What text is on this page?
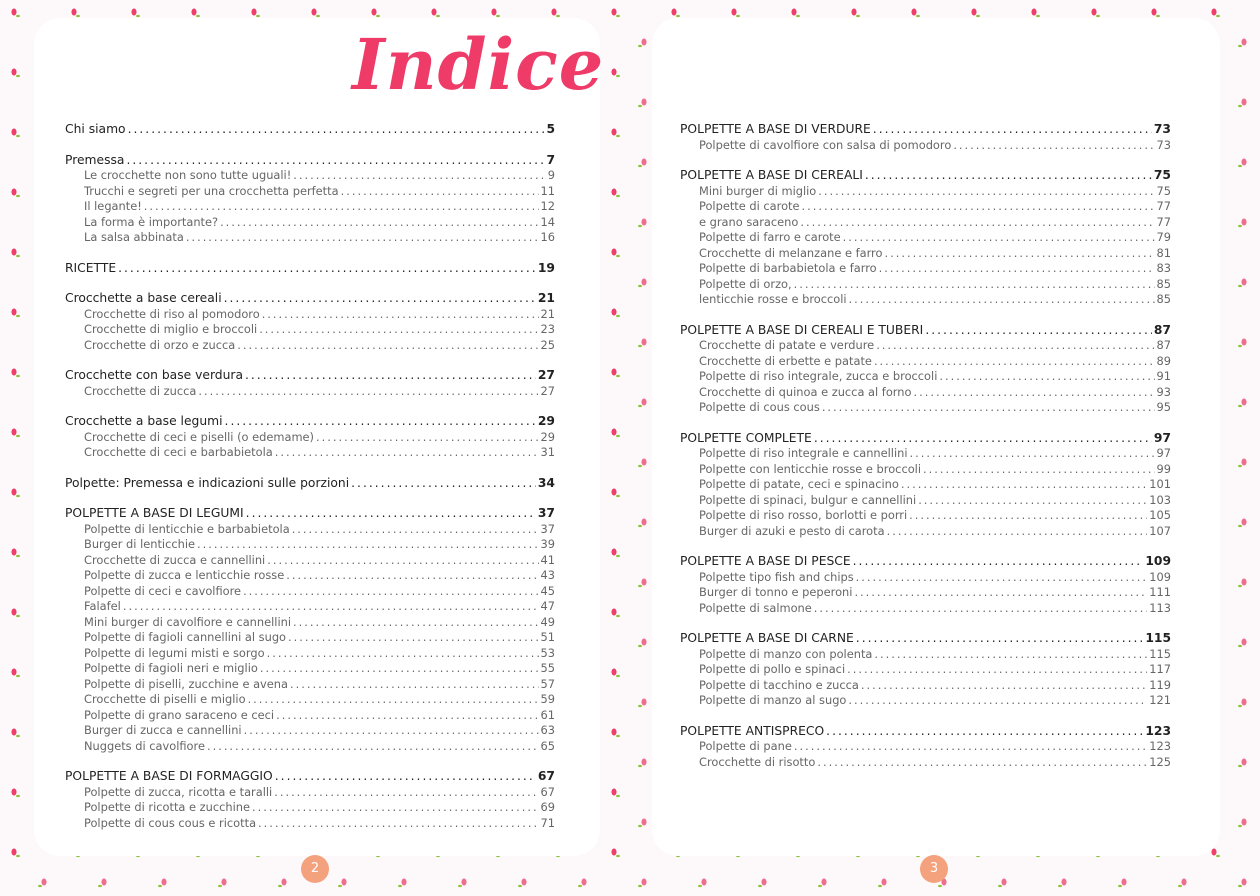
Indice
Chi siamo .....	5
Premessa .....	7
Le crocchette non sono tutte uguali! .....	9
Trucchi e segreti per una crocchetta perfetta .....	11
Il legante! .....	12
La forma è importante? .....	14
La salsa abbinata .....	16
RICETTE .....	19
Crocchette a base cereali .....	21
Crocchette di riso al pomodoro .....	21
Crocchette di miglio e broccoli .....	23
Crocchette di orzo e zucca .....	25
Crocchette con base verdura .....	27
Crocchette di zucca .....	27
Crocchette a base legumi .....	29
Crocchette di ceci e piselli (o edemame) .....	29
Crocchette di ceci e barbabietola .....	31
Polpette: Premessa e indicazioni sulle porzioni .....	34
POLPETTE A BASE DI LEGUMI .....	37
Polpette di lenticchie e barbabietola .....	37
Burger di lenticchie .....	39
Crocchette di zucca e cannellini .....	41
Polpette di zucca e lenticchie rosse .....	43
Polpette di ceci e cavolfiore .....	45
Falafel .....	47
Mini burger di cavolfiore e cannellini .....	49
Polpette di fagioli cannellini al sugo .....	51
Polpette di legumi misti e sorgo .....	53
Polpette di fagioli neri e miglio .....	55
Polpette di piselli, zucchine e avena .....	57
Crocchette di piselli e miglio .....	59
Polpette di grano saraceno e ceci .....	61
Burger di zucca e cannellini .....	63
Nuggets di cavolfiore .....	65
POLPETTE A BASE DI FORMAGGIO .....	67
Polpette di zucca, ricotta e taralli .....	67
Polpette di ricotta e zucchine .....	69
Polpette di cous cous e ricotta .....	71
POLPETTE A BASE DI VERDURE .....	73
Polpette di cavolfiore con salsa di pomodoro .....	73
POLPETTE A BASE DI CEREALI .....	75
Mini burger di miglio .....	75
Polpette di carote .....	77
e grano saraceno .....	77
Polpette di farro e carote .....	79
Crocchette di melanzane e farro .....	81
Polpette di barbabietola e farro .....	83
Polpette di orzo, .....	85
lenticchie rosse e broccoli .....	85
POLPETTE A BASE DI CEREALI E TUBERI .....	87
Crocchette di patate e verdure .....	87
Crocchette di erbette e patate .....	89
Polpette di riso integrale, zucca e broccoli .....	91
Crocchette di quinoa e zucca al forno .....	93
Polpette di cous cous .....	95
POLPETTE COMPLETE .....	97
Polpette di riso integrale e cannellini .....	97
Polpette con lenticchie rosse e broccoli .....	99
Polpette di patate, ceci e spinacino .....	101
Polpette di spinaci, bulgur e cannellini .....	103
Polpette di riso rosso, borlotti e porri .....	105
Burger di azuki e pesto di carota .....	107
POLPETTE A BASE DI PESCE .....	109
Polpette tipo fish and chips .....	109
Burger di tonno e peperoni .....	111
Polpette di salmone .....	113
POLPETTE A BASE DI CARNE .....	115
Polpette di manzo con polenta .....	115
Polpette di pollo e spinaci .....	117
Polpette di tacchino e zucca .....	119
Polpette di manzo al sugo .....	121
POLPETTE ANTISPRECO .....	123
Polpette di pane .....	123
Crocchette di risotto .....	125
2	3
